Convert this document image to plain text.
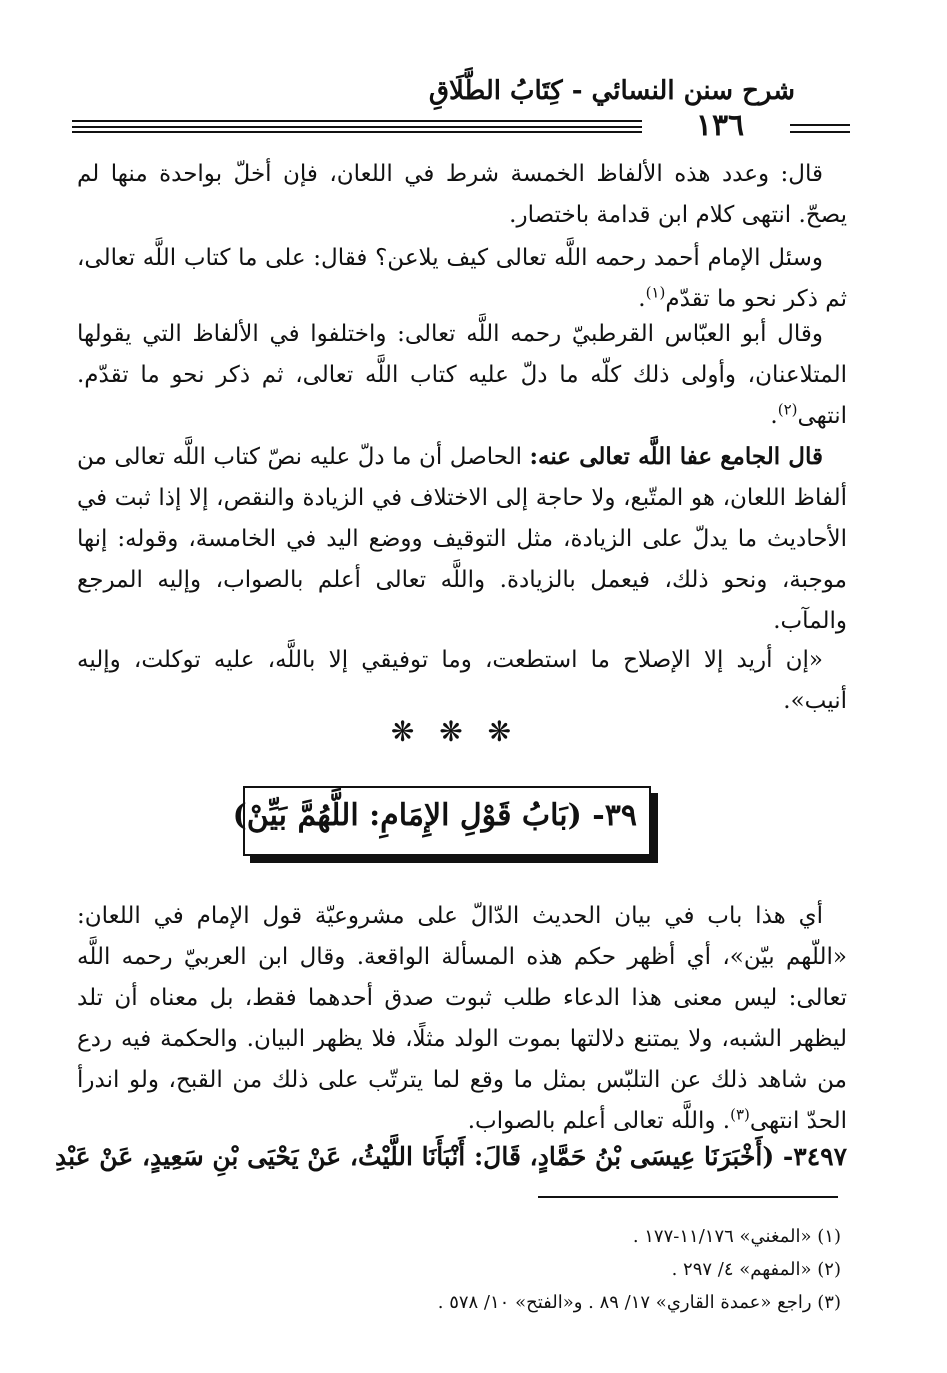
شرح سنن النسائي - كِتَابُ الطَّلَاقِ
١٣٦

قال: وعدد هذه الألفاظ الخمسة شرط في اللعان، فإن أخلّ بواحدة منها لم يصحّ. انتهى كلام ابن قدامة باختصار.

وسئل الإمام أحمد رحمه اللَّه تعالى كيف يلاعن؟ فقال: على ما كتاب اللَّه تعالى، ثم ذكر نحو ما تقدّم$^{(١)}$.

وقال أبو العبّاس القرطبيّ رحمه اللَّه تعالى: واختلفوا في الألفاظ التي يقولها المتلاعنان، وأولى ذلك كلّه ما دلّ عليه كتاب اللَّه تعالى، ثم ذكر نحو ما تقدّم. انتهى$^{(٢)}$.

قال الجامع عفا اللَّه تعالى عنه: الحاصل أن ما دلّ عليه نصّ كتاب اللَّه تعالى من ألفاظ اللعان، هو المتّبع، ولا حاجة إلى الاختلاف في الزيادة والنقص، إلا إذا ثبت في الأحاديث ما يدلّ على الزيادة، مثل التوقيف ووضع اليد في الخامسة، وقوله: إنها موجبة، ونحو ذلك، فيعمل بالزيادة. واللَّه تعالى أعلم بالصواب، وإليه المرجع والمآب.

«إن أريد إلا الإصلاح ما استطعت، وما توفيقي إلا باللَّه، عليه توكلت، وإليه أنيب».

❋ ❋ ❋
٣٩- (بَابُ قَوْلِ الإِمَامِ: اللَّهُمَّ بَيِّنْ)

أي هذا باب في بيان الحديث الدّالّ على مشروعيّة قول الإمام في اللعان: «اللّهم بيّن»، أي أظهر حكم هذه المسألة الواقعة. وقال ابن العربيّ رحمه اللَّه تعالى: ليس معنى هذا الدعاء طلب ثبوت صدق أحدهما فقط، بل معناه أن تلد ليظهر الشبه، ولا يمتنع دلالتها بموت الولد مثلًا، فلا يظهر البيان. والحكمة فيه ردع من شاهد ذلك عن التلبّس بمثل ما وقع لما يترتّب على ذلك من القبح، ولو اندرأ الحدّ انتهى$^{(٣)}$. واللَّه تعالى أعلم بالصواب.

٣٤٩٧- (أَخْبَرَنَا عِيسَى بْنُ حَمَّادٍ، قَالَ: أَنْبَأَنَا اللَّيْثُ، عَنْ يَحْيَى بْنِ سَعِيدٍ، عَنْ عَبْدِ

(١) «المغني» ١١/١٧٦-١٧٧ .
(٢) «المفهم» ٤/ ٢٩٧ .
(٣) راجع «عمدة القاري» ١٧/ ٨٩ . و«الفتح» ١٠/ ٥٧٨ .
